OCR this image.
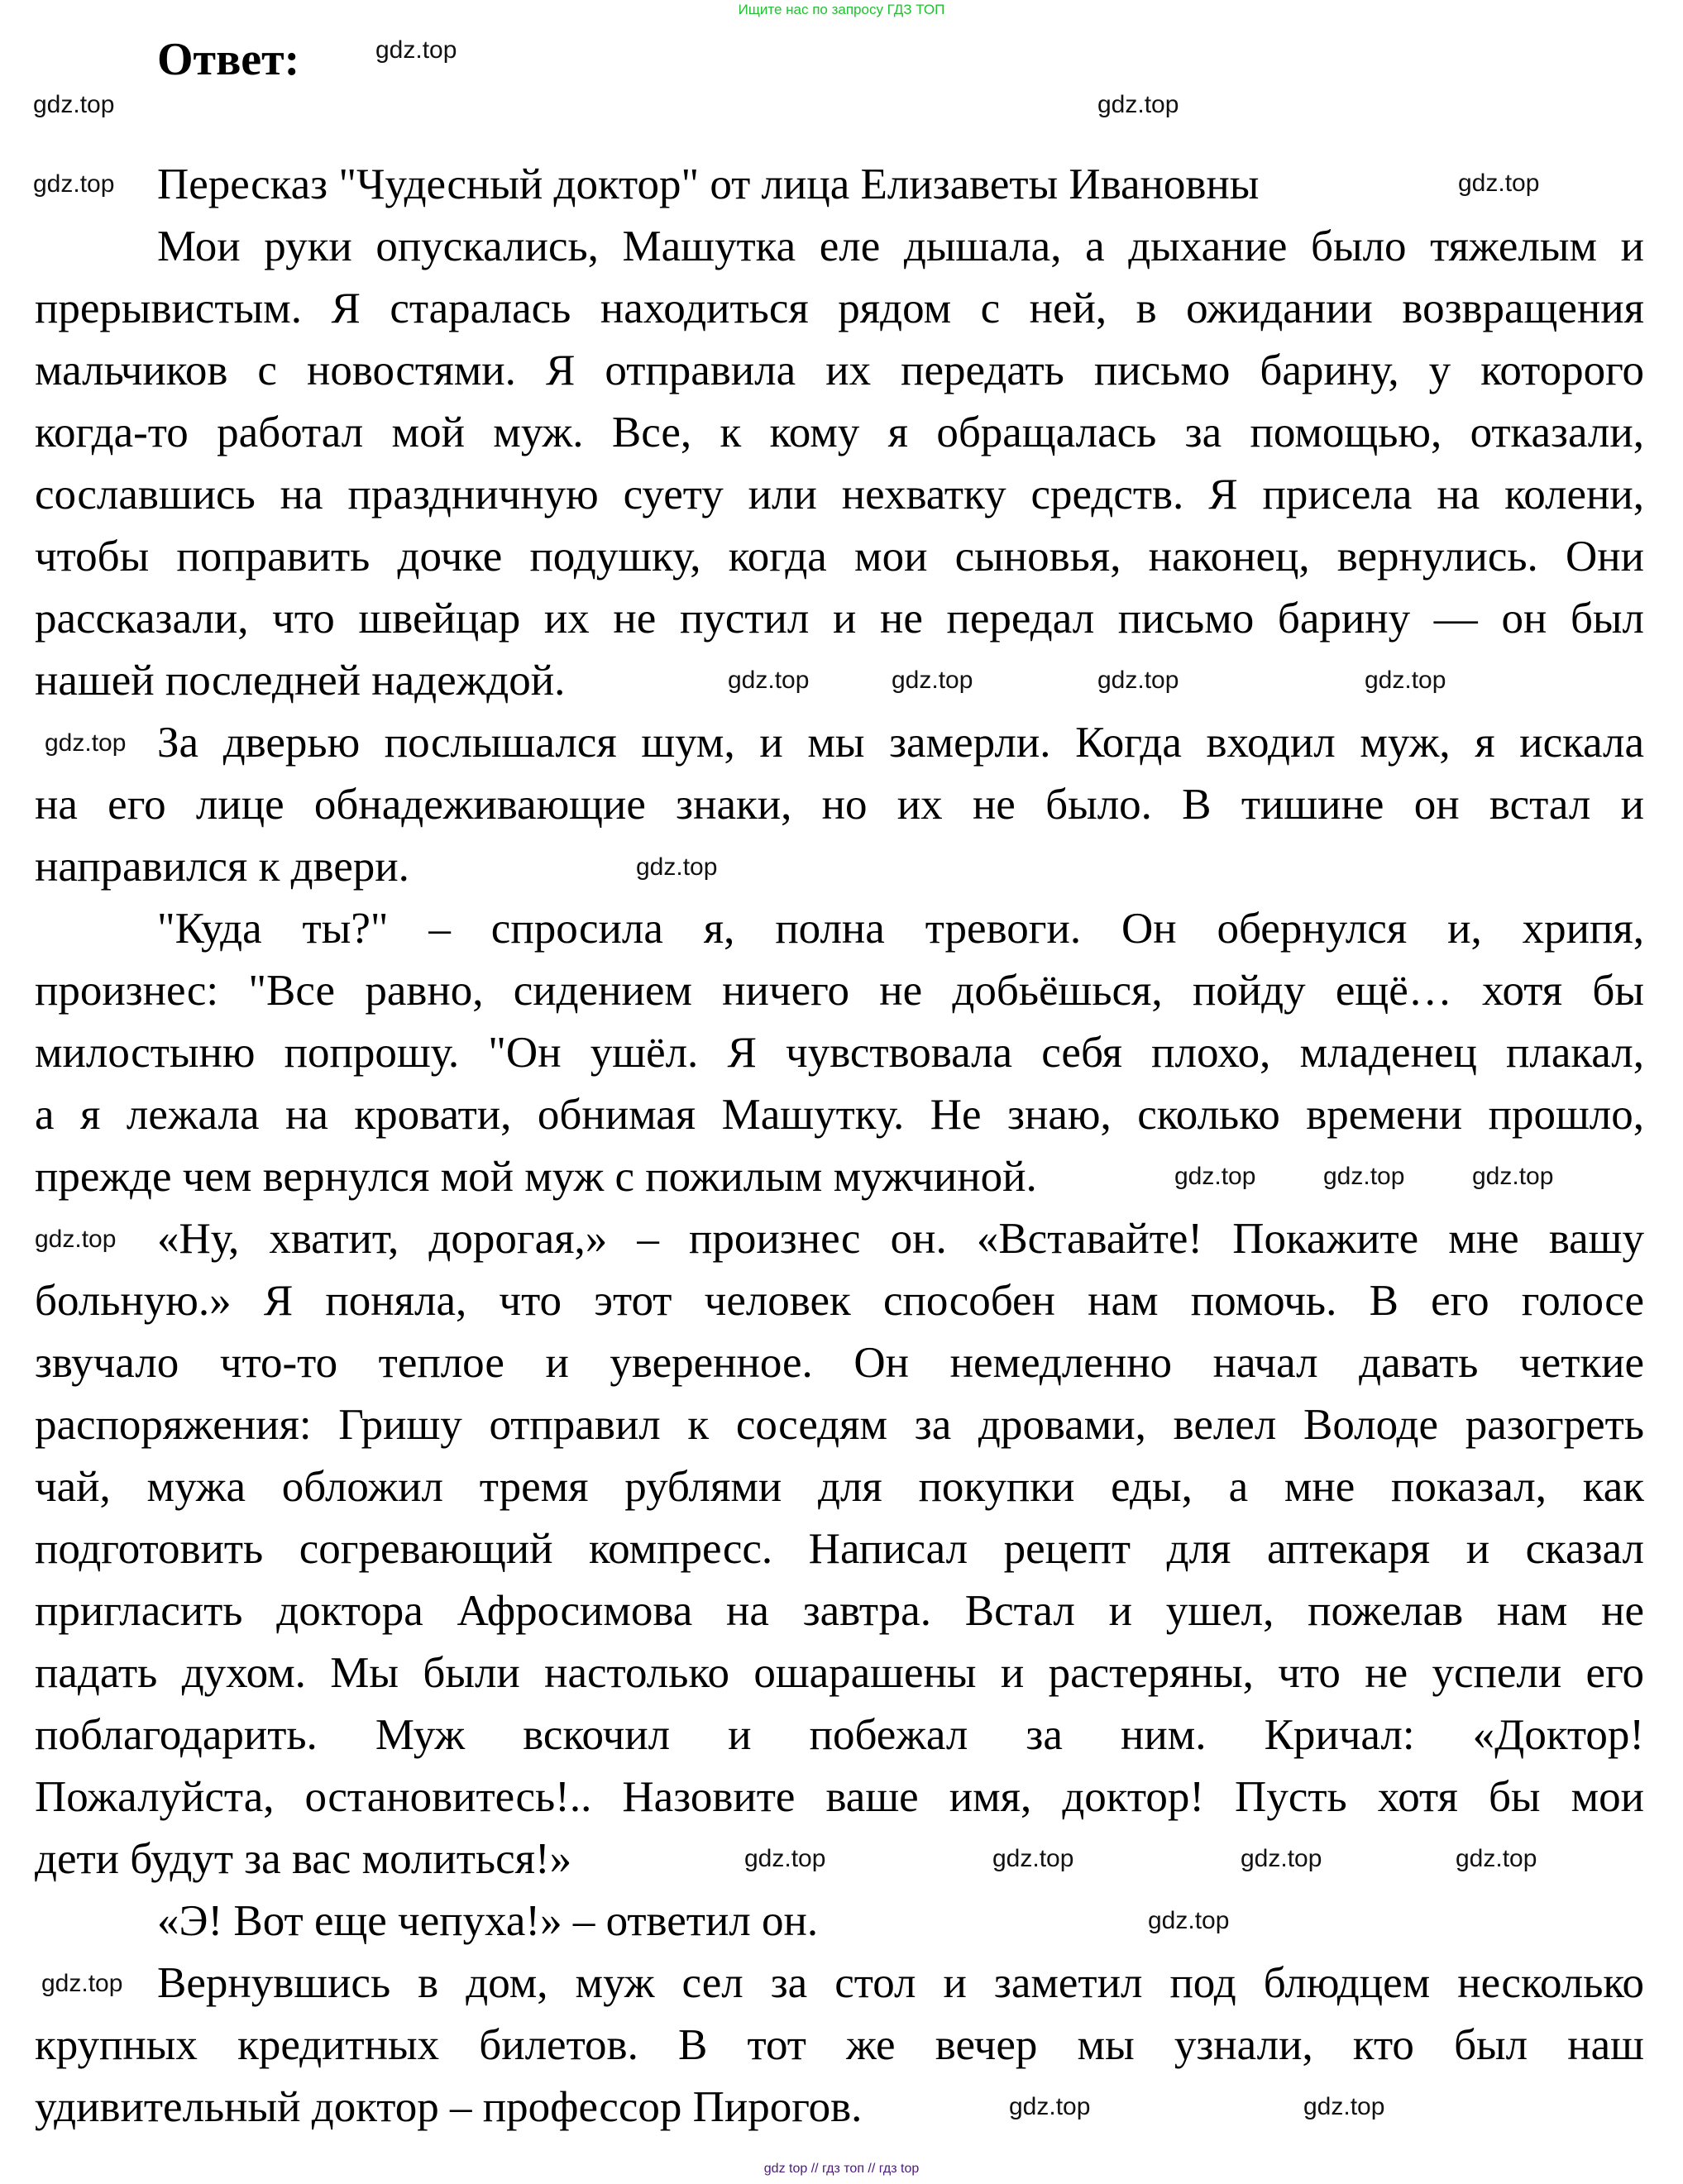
Ищите нас по запросу ГДЗ ТОП
Ответ:
Пересказ "Чудесный доктор" от лица Елизаветы Ивановны
Мои руки опускались, Машутка еле дышала, а дыхание было тяжелым и
прерывистым. Я старалась находиться рядом с ней, в ожидании возвращения
мальчиков с новостями. Я отправила их передать письмо барину, у которого
когда-то работал мой муж. Все, к кому я обращалась за помощью, отказали,
сославшись на праздничную суету или нехватку средств. Я присела на колени,
чтобы поправить дочке подушку, когда мои сыновья, наконец, вернулись. Они
рассказали, что швейцар их не пустил и не передал письмо барину — он был
нашей последней надеждой.
За дверью послышался шум, и мы замерли. Когда входил муж, я искала
на его лице обнадеживающие знаки, но их не было. В тишине он встал и
направился к двери.
"Куда ты?" – спросила я, полна тревоги. Он обернулся и, хрипя,
произнес: "Все равно, сидением ничего не добьёшься, пойду ещё… хотя бы
милостыню попрошу. "Он ушёл. Я чувствовала себя плохо, младенец плакал,
а я лежала на кровати, обнимая Машутку. Не знаю, сколько времени прошло,
прежде чем вернулся мой муж с пожилым мужчиной.
«Ну, хватит, дорогая,» – произнес он. «Вставайте! Покажите мне вашу
больную.» Я поняла, что этот человек способен нам помочь. В его голосе
звучало что-то теплое и уверенное. Он немедленно начал давать четкие
распоряжения: Гришу отправил к соседям за дровами, велел Володе разогреть
чай, мужа обложил тремя рублями для покупки еды, а мне показал, как
подготовить согревающий компресс. Написал рецепт для аптекаря и сказал
пригласить доктора Афросимова на завтра. Встал и ушел, пожелав нам не
падать духом. Мы были настолько ошарашены и растеряны, что не успели его
поблагодарить. Муж вскочил и побежал за ним. Кричал: «Доктор!
Пожалуйста, остановитесь!.. Назовите ваше имя, доктор! Пусть хотя бы мои
дети будут за вас молиться!»
«Э! Вот еще чепуха!» – ответил он.
Вернувшись в дом, муж сел за стол и заметил под блюдцем несколько
крупных кредитных билетов. В тот же вечер мы узнали, кто был наш
удивительный доктор – профессор Пирогов.
gdz.top
gdz.top
gdz.top
gdz.top
gdz.top
gdz.top	gdz.top
gdz.top	gdz.top
gdz.top
gdz.top
gdz.top
gdz.top	gdz.top
gdz.top
gdz.top	gdz.top	gdz.top
gdz.top
gdz.top
gdz.top
gdz.top	gdz.top
gdz top // гдз топ // гдз top
